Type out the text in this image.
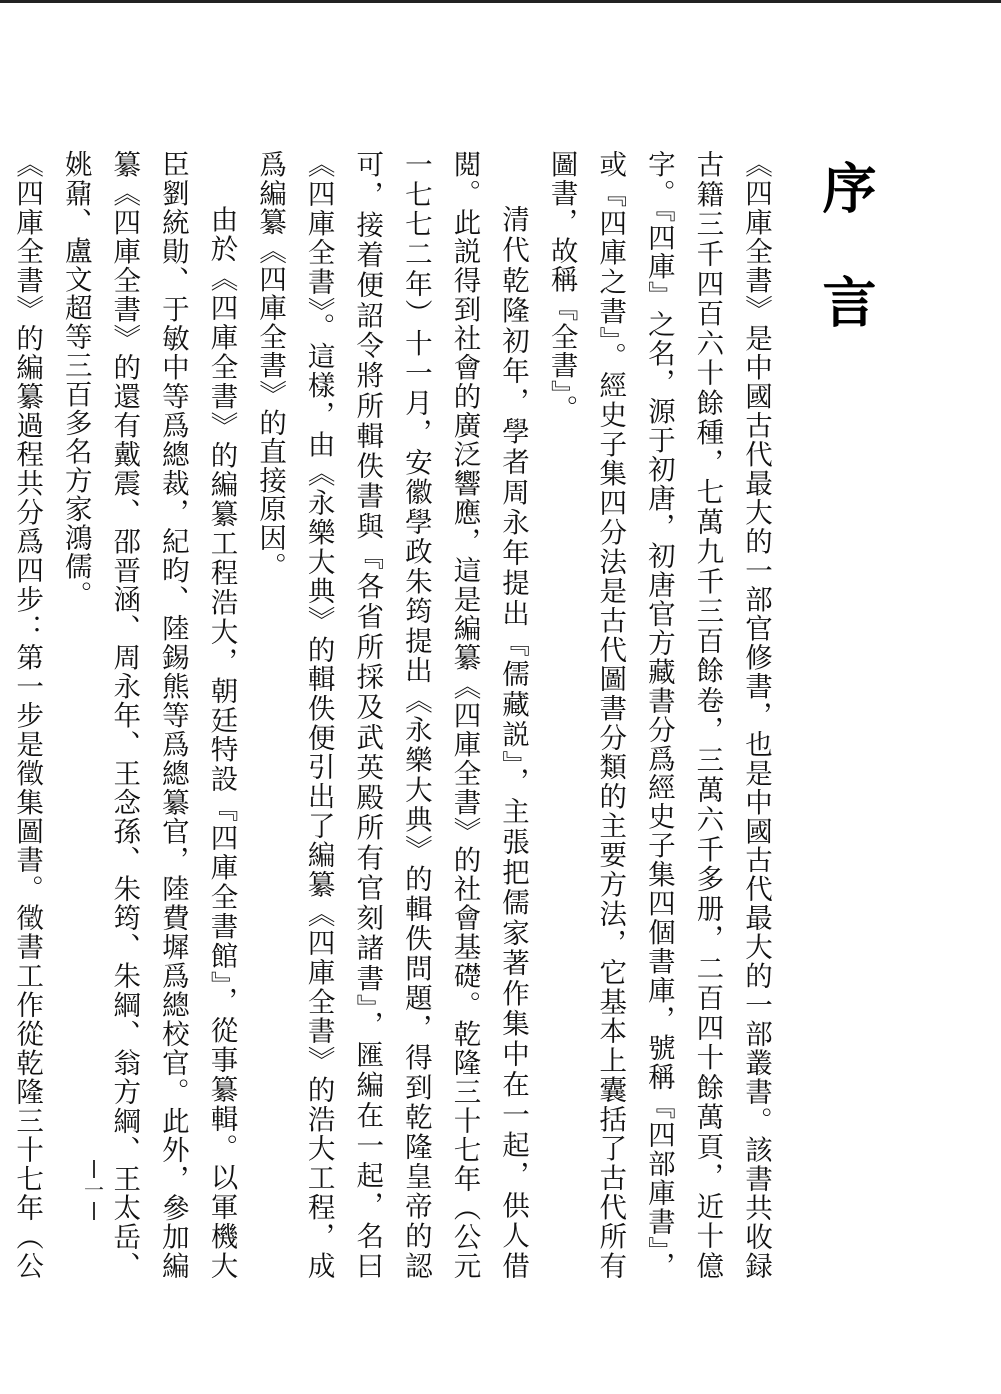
序言

《四庫全書》是中國古代最大的一部官修書，也是中國古代最大的一部叢書。該書共收録古籍三千四百六十餘種，七萬九千三百餘卷，三萬六千多册，二百四十餘萬頁，近十億字。『四庫』之名，源于初唐，初唐官方藏書分爲經史子集四個書庫，號稱『四部庫書』，或『四庫之書』。經史子集四分法是古代圖書分類的主要方法，它基本上囊括了古代所有圖書，故稱『全書』。

清代乾隆初年，學者周永年提出『儒藏説』，主張把儒家著作集中在一起，供人借閲。此説得到社會的廣泛響應，這是編纂《四庫全書》的社會基礎。乾隆三十七年（公元一七七二年）十一月，安徽學政朱筠提出《永樂大典》的輯佚問題，得到乾隆皇帝的認可，接着便詔令將所輯佚書與『各省所採及武英殿所有官刻諸書』，匯編在一起，名曰《四庫全書》。這樣，由《永樂大典》的輯佚便引出了編纂《四庫全書》的浩大工程，成爲編纂《四庫全書》的直接原因。

由於《四庫全書》的編纂工程浩大，朝廷特設『四庫全書館』，從事纂輯。以軍機大臣劉統勛、于敏中等爲總裁，紀昀、陸錫熊等爲總纂官，陸費墀爲總校官。此外，參加編纂《四庫全書》的還有戴震、邵晋涵、周永年、王念孫、朱筠、朱綱、翁方綱、王太岳、姚鼐、盧文超等三百多名方家鴻儒。

《四庫全書》的編纂過程共分爲四步：第一步是徵集圖書。徵書工作從乾隆三十七年（公

一
